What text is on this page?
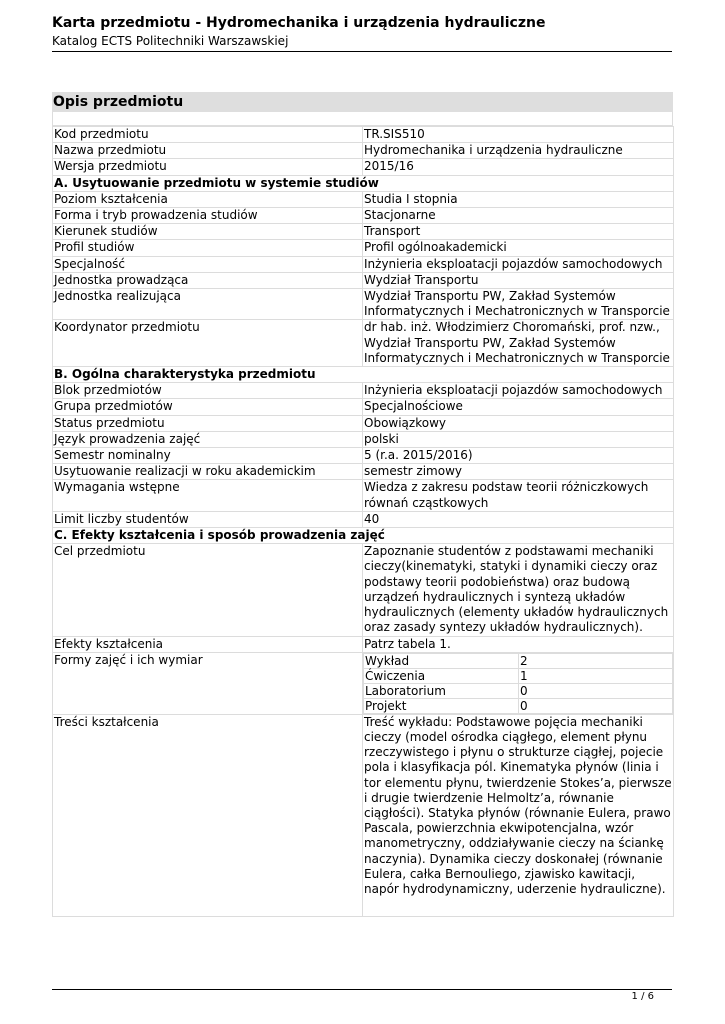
Karta przedmiotu - Hydromechanika i urządzenia hydrauliczne
Katalog ECTS Politechniki Warszawskiej
Opis przedmiotu
Kod przedmiotu	TR.SIS510
Nazwa przedmiotu	Hydromechanika i urządzenia hydrauliczne
Wersja przedmiotu	2015/16
A. Usytuowanie przedmiotu w systemie studiów
Poziom kształcenia	Studia I stopnia
Forma i tryb prowadzenia studiów	Stacjonarne
Kierunek studiów	Transport
Profil studiów	Profil ogólnoakademicki
Specjalność	Inżynieria eksploatacji pojazdów samochodowych
Jednostka prowadząca	Wydział Transportu
Jednostka realizująca	Wydział Transportu PW, Zakład Systemów Informatycznych i Mechatronicznych w Transporcie
Koordynator przedmiotu	dr hab. inż. Włodzimierz Choromański, prof. nzw., Wydział Transportu PW, Zakład Systemów Informatycznych i Mechatronicznych w Transporcie
B. Ogólna charakterystyka przedmiotu
Blok przedmiotów	Inżynieria eksploatacji pojazdów samochodowych
Grupa przedmiotów	Specjalnościowe
Status przedmiotu	Obowiązkowy
Język prowadzenia zajęć	polski
Semestr nominalny	5 (r.a. 2015/2016)
Usytuowanie realizacji w roku akademickim	semestr zimowy
Wymagania wstępne	Wiedza z zakresu podstaw teorii różniczkowych równań cząstkowych
Limit liczby studentów	40
C. Efekty kształcenia i sposób prowadzenia zajęć
Cel przedmiotu	Zapoznanie studentów z podstawami mechaniki cieczy(kinematyki, statyki i dynamiki cieczy oraz podstawy teorii podobieństwa) oraz budową urządzeń hydraulicznych i syntezą układów hydraulicznych (elementy układów hydraulicznych oraz zasady syntezy układów hydraulicznych).
Efekty kształcenia	Patrz tabela 1.
Formy zajęć i ich wymiar		Wykład	2
Ćwiczenia	1
Laboratorium	0
Projekt	0

Treści kształcenia	Treść wykładu: Podstawowe pojęcia mechaniki cieczy (model ośrodka ciągłego, element płynu rzeczywistego i płynu o strukturze ciągłej, pojecie pola i klasyfikacja pól. Kinematyka płynów (linia i tor elementu płynu, twierdzenie Stokes’a, pierwsze i drugie twierdzenie Helmoltz’a, równanie ciągłości). Statyka płynów (równanie Eulera, prawo Pascala, powierzchnia ekwipotencjalna, wzór manometryczny, oddziaływanie cieczy na ściankę naczynia). Dynamika cieczy doskonałej (równanie Eulera, całka Bernouliego, zjawisko kawitacji, napór hydrodynamiczny, uderzenie hydrauliczne).
1 / 6
